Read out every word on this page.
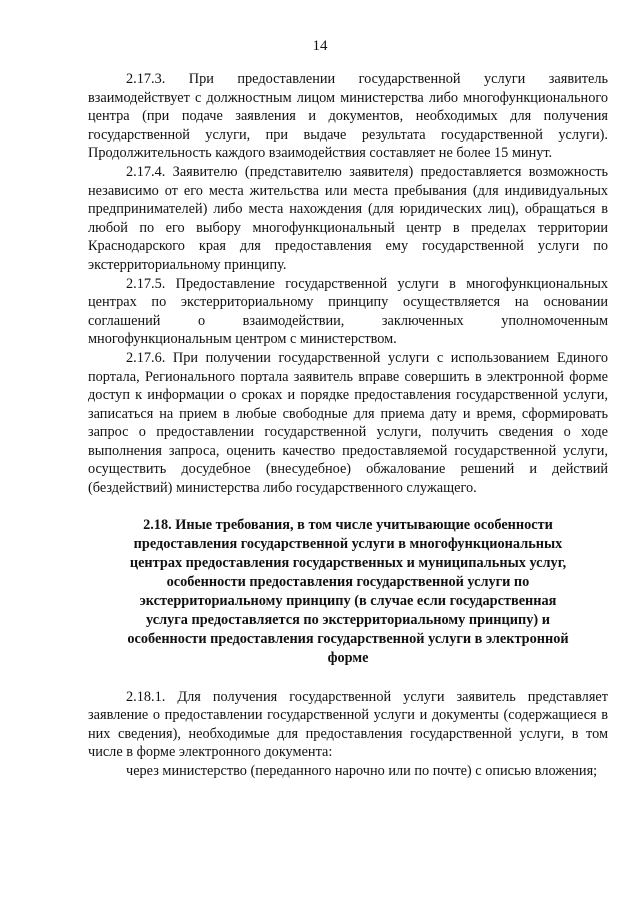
14

2.17.3. При предоставлении государственной услуги заявитель взаимодействует с должностным лицом министерства либо многофункционального центра (при подаче заявления и документов, необходимых для получения государственной услуги, при выдаче результата государственной услуги). Продолжительность каждого взаимодействия составляет не более 15 минут.

2.17.4. Заявителю (представителю заявителя) предоставляется возможность независимо от его места жительства или места пребывания (для индивидуальных предпринимателей) либо места нахождения (для юридических лиц), обращаться в любой по его выбору многофункциональный центр в пределах территории Краснодарского края для предоставления ему государственной услуги по экстерриториальному принципу.

2.17.5. Предоставление государственной услуги в многофункциональных центрах по экстерриториальному принципу осуществляется на основании соглашений о взаимодействии, заключенных уполномоченным многофункциональным центром с министерством.

2.17.6. При получении государственной услуги с использованием Единого портала, Регионального портала заявитель вправе совершить в электронной форме доступ к информации о сроках и порядке предоставления государственной услуги, записаться на прием в любые свободные для приема дату и время, сформировать запрос о предоставлении государственной услуги, получить сведения о ходе выполнения запроса, оценить качество предоставляемой государственной услуги, осуществить досудебное (внесудебное) обжалование решений и действий (бездействий) министерства либо государственного служащего.

2.18. Иные требования, в том числе учитывающие особенности предоставления государственной услуги в многофункциональных центрах предоставления государственных и муниципальных услуг, особенности предоставления государственной услуги по экстерриториальному принципу (в случае если государственная услуга предоставляется по экстерриториальному принципу) и особенности предоставления государственной услуги в электронной форме

2.18.1. Для получения государственной услуги заявитель представляет заявление о предоставлении государственной услуги и документы (содержащиеся в них сведения), необходимые для предоставления государственной услуги, в том числе в форме электронного документа:

через министерство (переданного нарочно или по почте) с описью вложения;
